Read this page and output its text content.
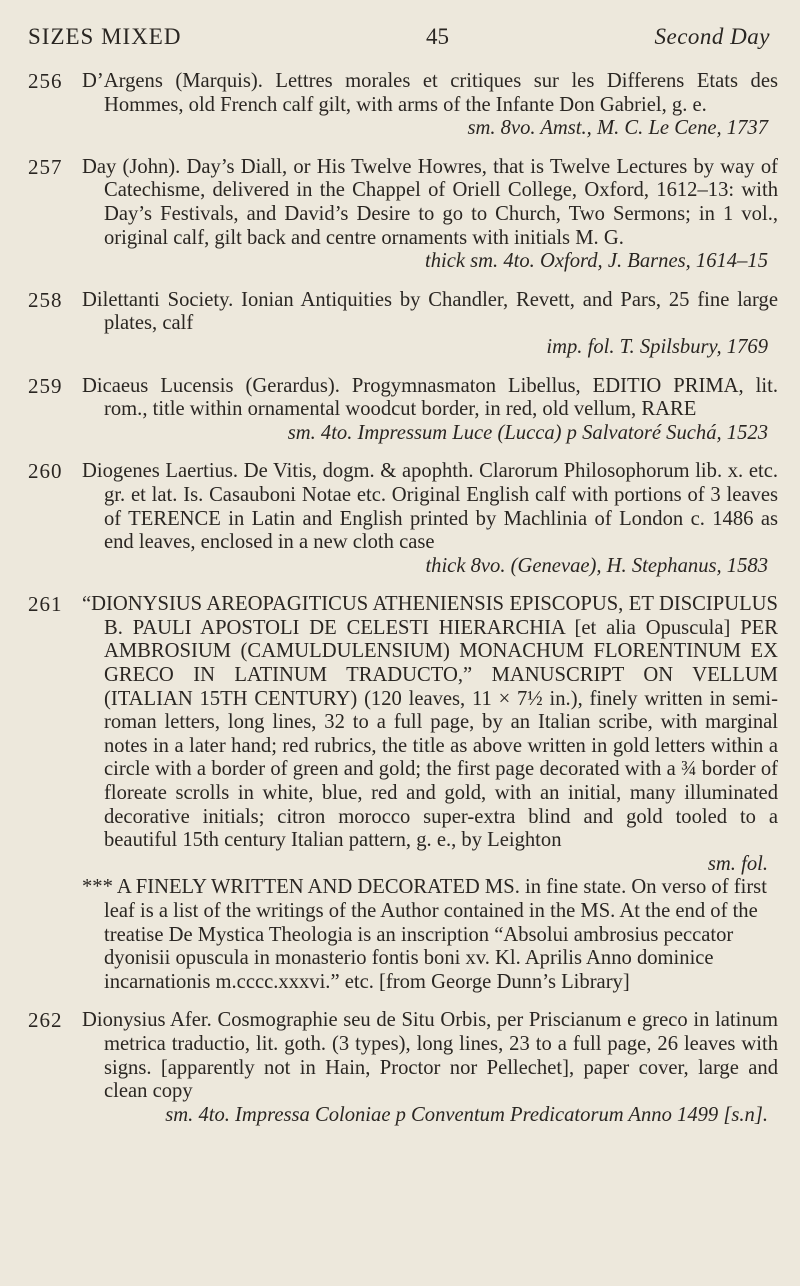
SIZES MIXED	45	Second Day
256 D’Argens (Marquis). Lettres morales et critiques sur les Differens Etats des Hommes, old French calf gilt, with arms of the Infante Don Gabriel, g. e.

sm. 8vo. Amst., M. C. Le Cene, 1737

257 Day (John). Day’s Diall, or His Twelve Howres, that is Twelve Lectures by way of Catechisme, delivered in the Chappel of Oriell College, Oxford, 1612–13: with Day’s Festivals, and David’s Desire to go to Church, Two Sermons; in 1 vol., original calf, gilt back and centre ornaments with initials M. G.

thick sm. 4to. Oxford, J. Barnes, 1614–15

258 Dilettanti Society. Ionian Antiquities by Chandler, Revett, and Pars, 25 fine large plates, calf

imp. fol. T. Spilsbury, 1769

259 Dicaeus Lucensis (Gerardus). Progymnasmaton Libellus, EDITIO PRIMA, lit. rom., title within ornamental woodcut border, in red, old vellum, RARE

sm. 4to. Impressum Luce (Lucca) p Salvatoré Suchá, 1523

260 Diogenes Laertius. De Vitis, dogm. & apophth. Clarorum Philosophorum lib. x. etc. gr. et lat. Is. Casauboni Notae etc. Original English calf with portions of 3 leaves of TERENCE in Latin and English printed by Machlinia of London c. 1486 as end leaves, enclosed in a new cloth case

thick 8vo. (Genevae), H. Stephanus, 1583

261 “DIONYSIUS AREOPAGITICUS ATHENIENSIS EPISCOPUS, ET DISCIPULUS B. PAULI APOSTOLI DE CELESTI HIERARCHIA [et alia Opuscula] PER AMBROSIUM (CAMULDULENSIUM) MONACHUM FLORENTINUM EX GRECO IN LATINUM TRADUCTO,” MANUSCRIPT ON VELLUM (ITALIAN 15TH CENTURY) (120 leaves, 11 × 7½ in.), finely written in semi-roman letters, long lines, 32 to a full page, by an Italian scribe, with marginal notes in a later hand; red rubrics, the title as above written in gold letters within a circle with a border of green and gold; the first page decorated with a ¾ border of floreate scrolls in white, blue, red and gold, with an initial, many illuminated decorative initials; citron morocco super-extra blind and gold tooled to a beautiful 15th century Italian pattern, g. e., by Leighton

sm. fol.

*** A FINELY WRITTEN AND DECORATED MS. in fine state. On verso of first leaf is a list of the writings of the Author contained in the MS. At the end of the treatise De Mystica Theologia is an inscription “Absolui ambrosius peccator dyonisii opuscula in monasterio fontis boni xv. Kl. Aprilis Anno dominice incarnationis m.cccc.xxxvi.” etc. [from George Dunn’s Library]

262 Dionysius Afer. Cosmographie seu de Situ Orbis, per Priscianum e greco in latinum metrica traductio, lit. goth. (3 types), long lines, 23 to a full page, 26 leaves with signs. [apparently not in Hain, Proctor nor Pellechet], paper cover, large and clean copy

sm. 4to. Impressa Coloniae p Conventum Predicatorum Anno 1499 [s.n].
